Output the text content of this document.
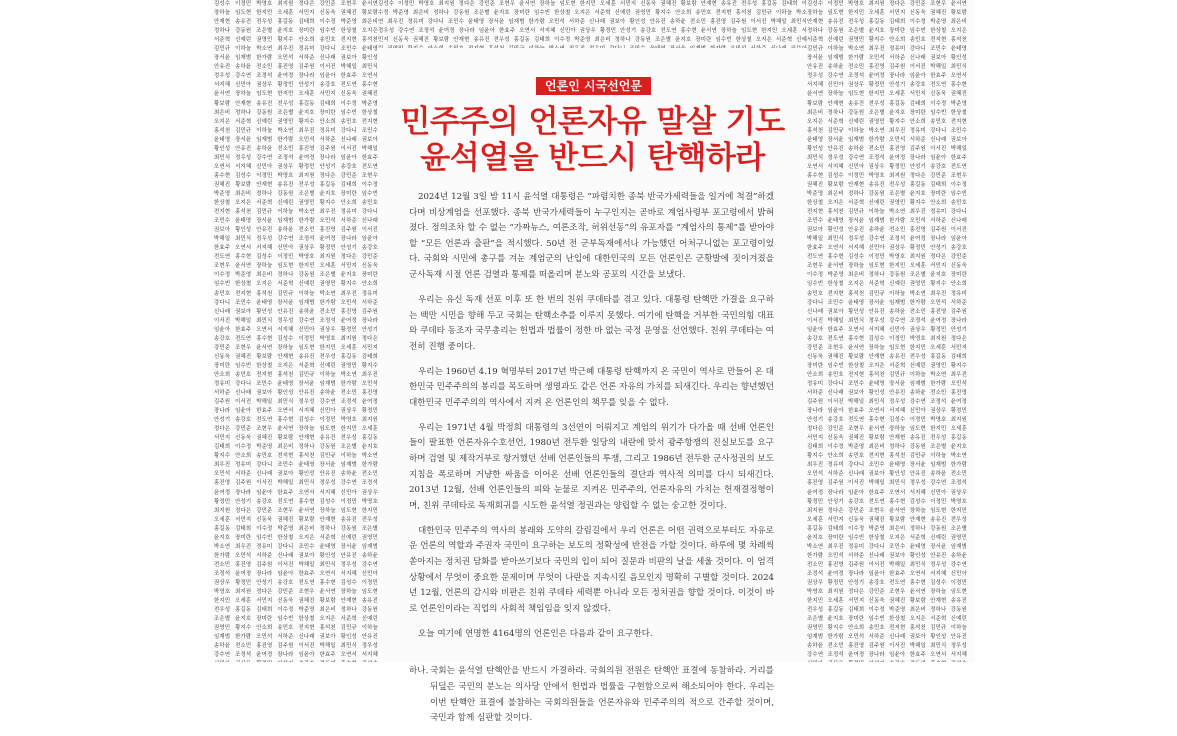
김성수 이정민 박영호 최지원 정다은 강민준 조현우 윤서연 장하늘 임도현 한지민 오세훈 서민지 신동욱 권혜진 황보람 안재현 송유진 전우성 홍길동 김태희 이수정 박준영 최은비 정하나 강동원 조은별 윤지호 장미란 임수빈 한상철 오지은 서준혁 신예린 권영민 황지수 안소희 송민호 전지현 홍석천 김민규 이하늘 박소연 최우진 정유미 강다니 조민수 윤태영 장서윤 임재범 한가람 오민석 서하준 신나래 권보아 황인성 안유진 송하윤 전소민 홍진영 김주원 이서진 박해일 최민식 정우성 강수연 조정석 윤여정 장나라 임윤아 한효주 오연서 서지혜 신민아 권상우 황정민 안성기 송강호 전도연 홍수현 윤서연 장하늘 임도현 한지민 오세훈 서민지 신동욱 권혜진 황보람 안재현 송유진 전우성 홍길동 김태희 이수정 박준영 최은비 정하나 강동원 조은별 윤지호 장미란 임수빈 한상철 오지은 서준혁 신예린 권영민 황지수 안소희 송민호 전지현 홍석천 김민규 이하늘 박소연 최우진 정유미 강다니 조민수 윤태영 장서윤 임재범 한가람 오민석 서하준 신나래 권보아 황인성 안유진 송하윤 전소민 홍진영 김주원 이서진 박해일 최민식 정우성 강수연 조정석 윤여정 장나라 임윤아 한효주 오연서 서지혜 신민아 권상우 황정민 안성기 송강호 전도연 홍수현 김성수 이정민 박영호 최지원 정다은 강민준 조현우 권혜진 황보람 안재현 송유진 전우성 홍길동 김태희 이수정 박준영 최은비 정하나 강동원 조은별 윤지호 장미란 임수빈 한상철 오지은 서준혁 신예린 권영민 황지수 안소희 송민호 전지현 홍석천 김민규 이하늘 박소연 최우진 정유미 강다니 조민수 윤태영 장서윤 임재범 한가람 오민석 서하준 신나래 권보아 황인성 안유진 송하윤 전소민 홍진영 김주원 이서진 박해일 최민식 정우성 강수연 조정석 윤여정 장나라 임윤아 한효주 오연서 서지혜 신민아 권상우 황정민 안성기 송강호 전도연 홍수현 김성수 이정민 박영호 최지원 정다은 강민준 조현우 윤서연 장하늘 임도현 한지민 오세훈 서민지 신동욱 이수정 박준영 최은비 정하나 강동원 조은별 윤지호 장미란 임수빈 한상철 오지은 서준혁 신예린 권영민 황지수 안소희 송민호 전지현 홍석천 김민규 이하늘 박소연 최우진 정유미 강다니 조민수 윤태영 장서윤 임재범 한가람 오민석 서하준 신나래 권보아 황인성 안유진 송하윤 전소민 홍진영 김주원 이서진 박해일 최민식 정우성 강수연 조정석 윤여정 장나라 임윤아 한효주 오연서 서지혜 신민아 권상우 황정민 안성기 송강호 전도연 홍수현 김성수 이정민 박영호 최지원 정다은 강민준 조현우 윤서연 장하늘 임도현 한지민 오세훈 서민지 신동욱 권혜진 황보람 안재현 송유진 전우성 홍길동 김태희 장미란 임수빈 한상철 오지은 서준혁 신예린 권영민 황지수 안소희 송민호 전지현 홍석천 김민규 이하늘 박소연 최우진 정유미 강다니 조민수 윤태영 장서윤 임재범 한가람 오민석 서하준 신나래 권보아 황인성 안유진 송하윤 전소민 홍진영 김주원 이서진 박해일 최민식 정우성 강수연 조정석 윤여정 장나라 임윤아 한효주 오연서 서지혜 신민아 권상우 황정민 안성기 송강호 전도연 홍수현 김성수 이정민 박영호 최지원 정다은 강민준 조현우 윤서연 장하늘 임도현 한지민 오세훈 서민지 신동욱 권혜진 황보람 안재현 송유진 전우성 홍길동 김태희 이수정 박준영 최은비 정하나 강동원 조은별 윤지호 황지수 안소희 송민호 전지현 홍석천 김민규 이하늘 박소연 최우진 정유미 강다니 조민수 윤태영 장서윤 임재범 한가람 오민석 서하준 신나래 권보아 황인성 안유진 송하윤 전소민 홍진영 김주원 이서진 박해일 최민식 정우성 강수연 조정석 윤여정 장나라 임윤아 한효주 오연서 서지혜 신민아 권상우 황정민 안성기 송강호 전도연 홍수현 김성수 이정민 박영호 최지원 정다은 강민준 조현우 윤서연 장하늘 임도현 한지민 오세훈 서민지 신동욱 권혜진 황보람 안재현 송유진 전우성 홍길동 김태희 이수정 박준영 최은비 정하나 강동원 조은별 윤지호 장미란 임수빈 한상철 오지은 서준혁 신예린 권영민 박소연 최우진 정유미 강다니 조민수 윤태영 장서윤 임재범 한가람 오민석 서하준 신나래 권보아 황인성 안유진 송하윤 전소민 홍진영 김주원 이서진 박해일 최민식 정우성 강수연 조정석 윤여정 장나라 임윤아 한효주 오연서 서지혜 신민아 권상우 황정민 안성기 송강호 전도연 홍수현 김성수 이정민 박영호 최지원 정다은 강민준 조현우 윤서연 장하늘 임도현 한지민 오세훈 서민지 신동욱 권혜진 황보람 안재현 송유진 전우성 홍길동 김태희 이수정 박준영 최은비 정하나 강동원 조은별 윤지호 장미란 임수빈 한상철 오지은 서준혁 신예린 권영민 황지수 안소희 송민호 전지현 홍석천 김민규 이하늘 임재범 한가람 오민석 서하준 신나래 권보아 황인성 안유진 송하윤 전소민 홍진영 김주원 이서진 박해일 최민식 정우성 강수연 조정석 윤여정 장나라 임윤아 한효주 오연서 서지혜
김성수 이정민 박영호 최지원 정다은 강민준 조현우 윤서연 장하늘 임도현 한지민 오세훈 서민지 신동욱 권혜진 황보람 안재현 송유진 전우성 홍길동 김태희 이수정 박준영 최은비 정하나 강동원 조은별 윤지호 장미란 임수빈 한상철 오지은 서준혁 신예린 권영민 황지수 안소희 송민호 전지현 홍석천 김민규 이하늘 박소연 최우진 정유미 강다니 조민수 윤태영 장서윤 임재범 한가람 오민석 서하준 신나래 권보아 황인성 안유진 송하윤 전소민 홍진영 김주원 이서진 박해일 최민식 정우성 강수연 조정석 윤여정 장나라 임윤아 한효주 오연서 서지혜 신민아 권상우 황정민 안성기 송강호 전도연 홍수현 윤서연 장하늘 임도현 한지민 오세훈 서민지 신동욱 권혜진 황보람 안재현 송유진 전우성 홍길동 김태희 이수정 박준영 최은비 정하나 강동원 조은별 윤지호 장미란 임수빈 한상철 오지은 서준혁 신예
김성수 이정민 박영호 최지원 정다은 강민준 조현우 윤서연 장하늘 임도현 한지민 오세훈 서민지 신동욱 권혜진 황보람 안재현 송유진 전우성 홍길동 김태희 이수정 박준영 최은비 정하나 강동원 조은별 윤지호 장미란 임수빈 한상철 오지은 서준혁 신예린 권영민 황지수 안소희 송민호 전지현 홍석천 김민규 이하늘 박소연 최우진 정유미 강다니 조민수 윤태영 장서윤 임재범 한가람 오민석 서하준 신나래 권보아 황인성 안유진 송하윤 전소민 홍진영 김주원 이서진 박해일 최민식 정우성 강수연 조정석 윤여정 장나라 임윤아 한효주 오연서 서지혜 신민아 권상우 황정민 안성기 송강호 전도연 홍수현 윤서연 장하늘 임도현 한지민 오세훈 서민지 신동욱 권혜진 황보람 안재현 송유진 전우성 홍길동 김태희 이수정 박준영 최은비 정하나 강동원 조은별 윤지호 장미란 임수빈 한상철 오지은 서준혁 신예린 권영민 황지수 안소희 송민호 전지현 홍석천 김민규 이하늘 박소연 최우진 정유미 강다니 조민수 윤태영 장서윤 임재범 한가람 오민석 서하준 신나래 권보아 황인성 안유진 송하윤 전소민 홍진영 김주원 이서진 박해일 최민식 정우성 강수연 조정석 윤여정 장나라 임윤아 한효주 오연서 서지혜 신민아 권상우 황정민 안성기 송강호 전도연 홍수현 김성수 이정민 박영호 최지원 정다은 강민준 조현우 권혜진 황보람 안재현 송유진 전우성 홍길동 김태희 이수정 박준영 최은비 정하나 강동원 조은별 윤지호 장미란 임수빈 한상철 오지은 서준혁 신예린 권영민 황지수 안소희 송민호 전지현 홍석천 김민규 이하늘 박소연 최우진 정유미 강다니 조민수 윤태영 장서윤 임재범 한가람 오민석 서하준 신나래 권보아 황인성 안유진 송하윤 전소민 홍진영 김주원 이서진 박해일 최민식 정우성 강수연 조정석 윤여정 장나라 임윤아 한효주 오연서 서지혜 신민아 권상우 황정민 안성기 송강호 전도연 홍수현 김성수 이정민 박영호 최지원 정다은 강민준 조현우 윤서연 장하늘 임도현 한지민 오세훈 서민지 신동욱 이수정 박준영 최은비 정하나 강동원 조은별 윤지호 장미란 임수빈 한상철 오지은 서준혁 신예린 권영민 황지수 안소희 송민호 전지현 홍석천 김민규 이하늘 박소연 최우진 정유미 강다니 조민수 윤태영 장서윤 임재범 한가람 오민석 서하준 신나래 권보아 황인성 안유진 송하윤 전소민 홍진영 김주원 이서진 박해일 최민식 정우성 강수연 조정석 윤여정 장나라 임윤아 한효주 오연서 서지혜 신민아 권상우 황정민 안성기 송강호 전도연 홍수현 김성수 이정민 박영호 최지원 정다은 강민준 조현우 윤서연 장하늘 임도현 한지민 오세훈 서민지 신동욱 권혜진 황보람 안재현 송유진 전우성 홍길동 김태희 장미란 임수빈 한상철 오지은 서준혁 신예린 권영민 황지수 안소희 송민호 전지현 홍석천 김민규 이하늘 박소연 최우진 정유미 강다니 조민수 윤태영 장서윤 임재범 한가람 오민석 서하준 신나래 권보아 황인성 안유진 송하윤 전소민 홍진영 김주원 이서진 박해일 최민식 정우성 강수연 조정석 윤여정 장나라 임윤아 한효주 오연서 서지혜 신민아 권상우 황정민 안성기 송강호 전도연 홍수현 김성수 이정민 박영호 최지원 정다은 강민준 조현우 윤서연 장하늘 임도현 한지민 오세훈 서민지 신동욱 권혜진 황보람 안재현 송유진 전우성 홍길동 김태희 이수정 박준영 최은비 정하나 강동원 조은별 윤지호 황지수 안소희 송민호 전지현 홍석천 김민규 이하늘 박소연 최우진 정유미 강다니 조민수 윤태영 장서윤 임재범 한가람 오민석 서하준 신나래 권보아 황인성 안유진 송하윤 전소민 홍진영 김주원 이서진 박해일 최민식 정우성 강수연 조정석 윤여정 장나라 임윤아 한효주 오연서 서지혜 신민아 권상우 황정민 안성기 송강호 전도연 홍수현 김성수 이정민 박영호 최지원 정다은 강민준 조현우 윤서연 장하늘 임도현 한지민 오세훈 서민지 신동욱 권혜진 황보람 안재현 송유진 전우성 홍길동 김태희 이수정 박준영 최은비 정하나 강동원 조은별 윤지호 장미란 임수빈 한상철 오지은 서준혁 신예린 권영민 박소연 최우진 정유미 강다니 조민수 윤태영 장서윤 임재범 한가람 오민석 서하준 신나래 권보아 황인성 안유진 송하윤 전소민 홍진영 김주원 이서진 박해일 최민식 정우성 강수연 조정석 윤여정 장나라 임윤아 한효주 오연서 서지혜 신민아 권상우 황정민 안성기 송강호 전도연 홍수현 김성수 이정민 박영호 최지원 정다은 강민준 조현우 윤서연 장하늘 임도현 한지민 오세훈 서민지 신동욱 권혜진 황보람 안재현 송유진 전우성 홍길동 김태희 이수정 박준영 최은비 정하나 강동원 조은별 윤지호 장미란 임수빈 한상철 오지은 서준혁 신예린 권영민 황지수 안소희 송민호 전지현 홍석천 김민규 이하늘 임재범 한가람 오민석 서하준 신나래 권보아 황인성 안유진 송하윤 전소민 홍진영 김주원 이서진 박해일 최민식 정우성 강수연 조정석 윤여정 장나라 임윤아 한효주 오연서 서지혜
언론인 시국선언문
민주주의 언론자유 말살 기도
윤석열을 반드시 탄핵하라

2024년 12월 3일 밤 11시 윤석열 대통령은 “파렴치한 종북 반국가세력들을 일거에 척결”하겠다며 비상계엄을 선포했다. 종북 반국가세력들이 누구인지는 곧바로 계엄사령부 포고령에서 밝혀졌다. 정의조차 할 수 없는 “가짜뉴스, 여론조작, 허위선동”의 유포자를 “계엄사의 통제”를 받아야 할 “모든 언론과 출판”을 적시했다. 50년 전 군부독재에서나 가능했던 어처구니없는 포고령이었다. 국회와 시민에 총구를 겨눈 계엄군의 난입에 대한민국의 모든 언론인은 군홧발에 짓이겨졌을 군사독재 시절 언론 검열과 통제를 떠올리며 분노와 공포의 시간을 보냈다.

우리는 유신 독재 선포 이후 또 한 번의 친위 쿠데타를 겪고 있다. 대통령 탄핵만 가결을 요구하는 백만 시민을 향해 두고 국회는 탄핵소추를 이루지 못했다. 여기에 탄핵을 거부한 국민의힘 대표와 쿠데타 동조자 국무총리는 헌법과 법률이 정한 바 없는 국정 운영을 선언했다. 친위 쿠데타는 여전히 진행 중이다.

우리는 1960년 4.19 혁명부터 2017년 박근혜 대통령 탄핵까지 온 국민이 역사로 만들어 온 대한민국 민주주의의 봉리를 목도하며 생명과도 같은 언론 자유의 가치를 되새긴다. 우리는 향년했던 대한민국 민주주의의 역사에서 지켜 온 언론인의 책무를 잊을 수 없다.

우리는 1971년 4월 박정희 대통령의 3선연이 이뤄지고 계엄의 위기가 다가올 때 선배 언론인들이 팔표한 언론자유수호선언, 1980년 전두환 일당의 내란에 맞서 광주항쟁의 진실보도를 요구하며 검열 및 제작거부로 항거했던 선배 언론인들의 투쟁, 그리고 1986년 전두환 군사정권의 보도지침을 폭로하며 거냥한 싸움을 이어온 선배 언론인들의 결단과 역사적 의미를 다시 되새긴다. 2013년 12월, 선배 언론인들의 피와 눈물로 지켜온 민주주의, 언론자유의 가치는 헌재결정형이며, 친위 쿠데타로 독재회귀를 시도한 윤석열 정권과는 양립할 수 없는 숭고한 것이다.

대한민국 민주주의 역사의 봉래와 도약의 갈림길에서 우리 언론은 어떤 권력으로부터도 자유로운 언론의 역할과 주권자 국민이 요구하는 보도의 정확성에 반전을 가할 것이다. 하루에 몇 차례씩 쏟아지는 정치권 담화를 받아쓰기보다 국민의 입이 되어 질문과 비판의 날을 세울 것이다. 이 엄격 상황에서 무엇이 중요한 문제이며 무엇이 나란을 지속시킬 음모인지 명확히 구별할 것이다. 2024년 12월, 언론의 감시와 비판은 친위 쿠데타 세력뿐 아니라 모든 정치권을 향할 것이다. 이것이 바로 언론인이라는 직업의 사회적 책임임을 잊지 않겠다.

오늘 여기에 연명한 4164명의 언론인은 다음과 같이 요구한다.

하나. 국회는 윤석열 탄핵안을 반드시 가결하라. 국회의원 전원은 탄핵안 표결에 동참하라. 거리를 뒤덮은 국민의 분노는 의사당 안에서 헌법과 법률을 구현함으로써 해소되어야 한다. 우리는 이번 탄핵안 표결에 불참하는 국회의원들을 언론자유와 민주주의의 적으로 간주할 것이며, 국민과 함께 심판할 것이다.
